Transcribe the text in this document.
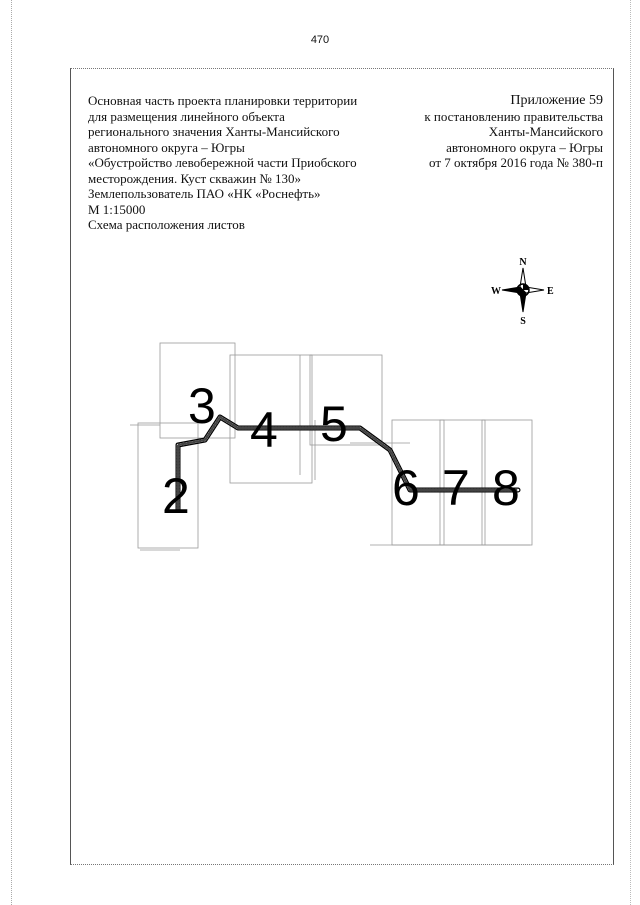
470
Основная часть проекта планировки территории
для размещения линейного объекта
регионального значения Ханты-Мансийского
автономного округа – Югры
«Обустройство левобережной части Приобского
месторождения. Куст скважин № 130»
Землепользователь ПАО «НК «Роснефть»
М 1:15000
Схема расположения листов
Приложение 59
к постановлению правительства
Ханты-Мансийского
автономного округа – Югры
от 7 октября 2016 года № 380-п
N
S
W	E
2
3 4 5
6 7 8
